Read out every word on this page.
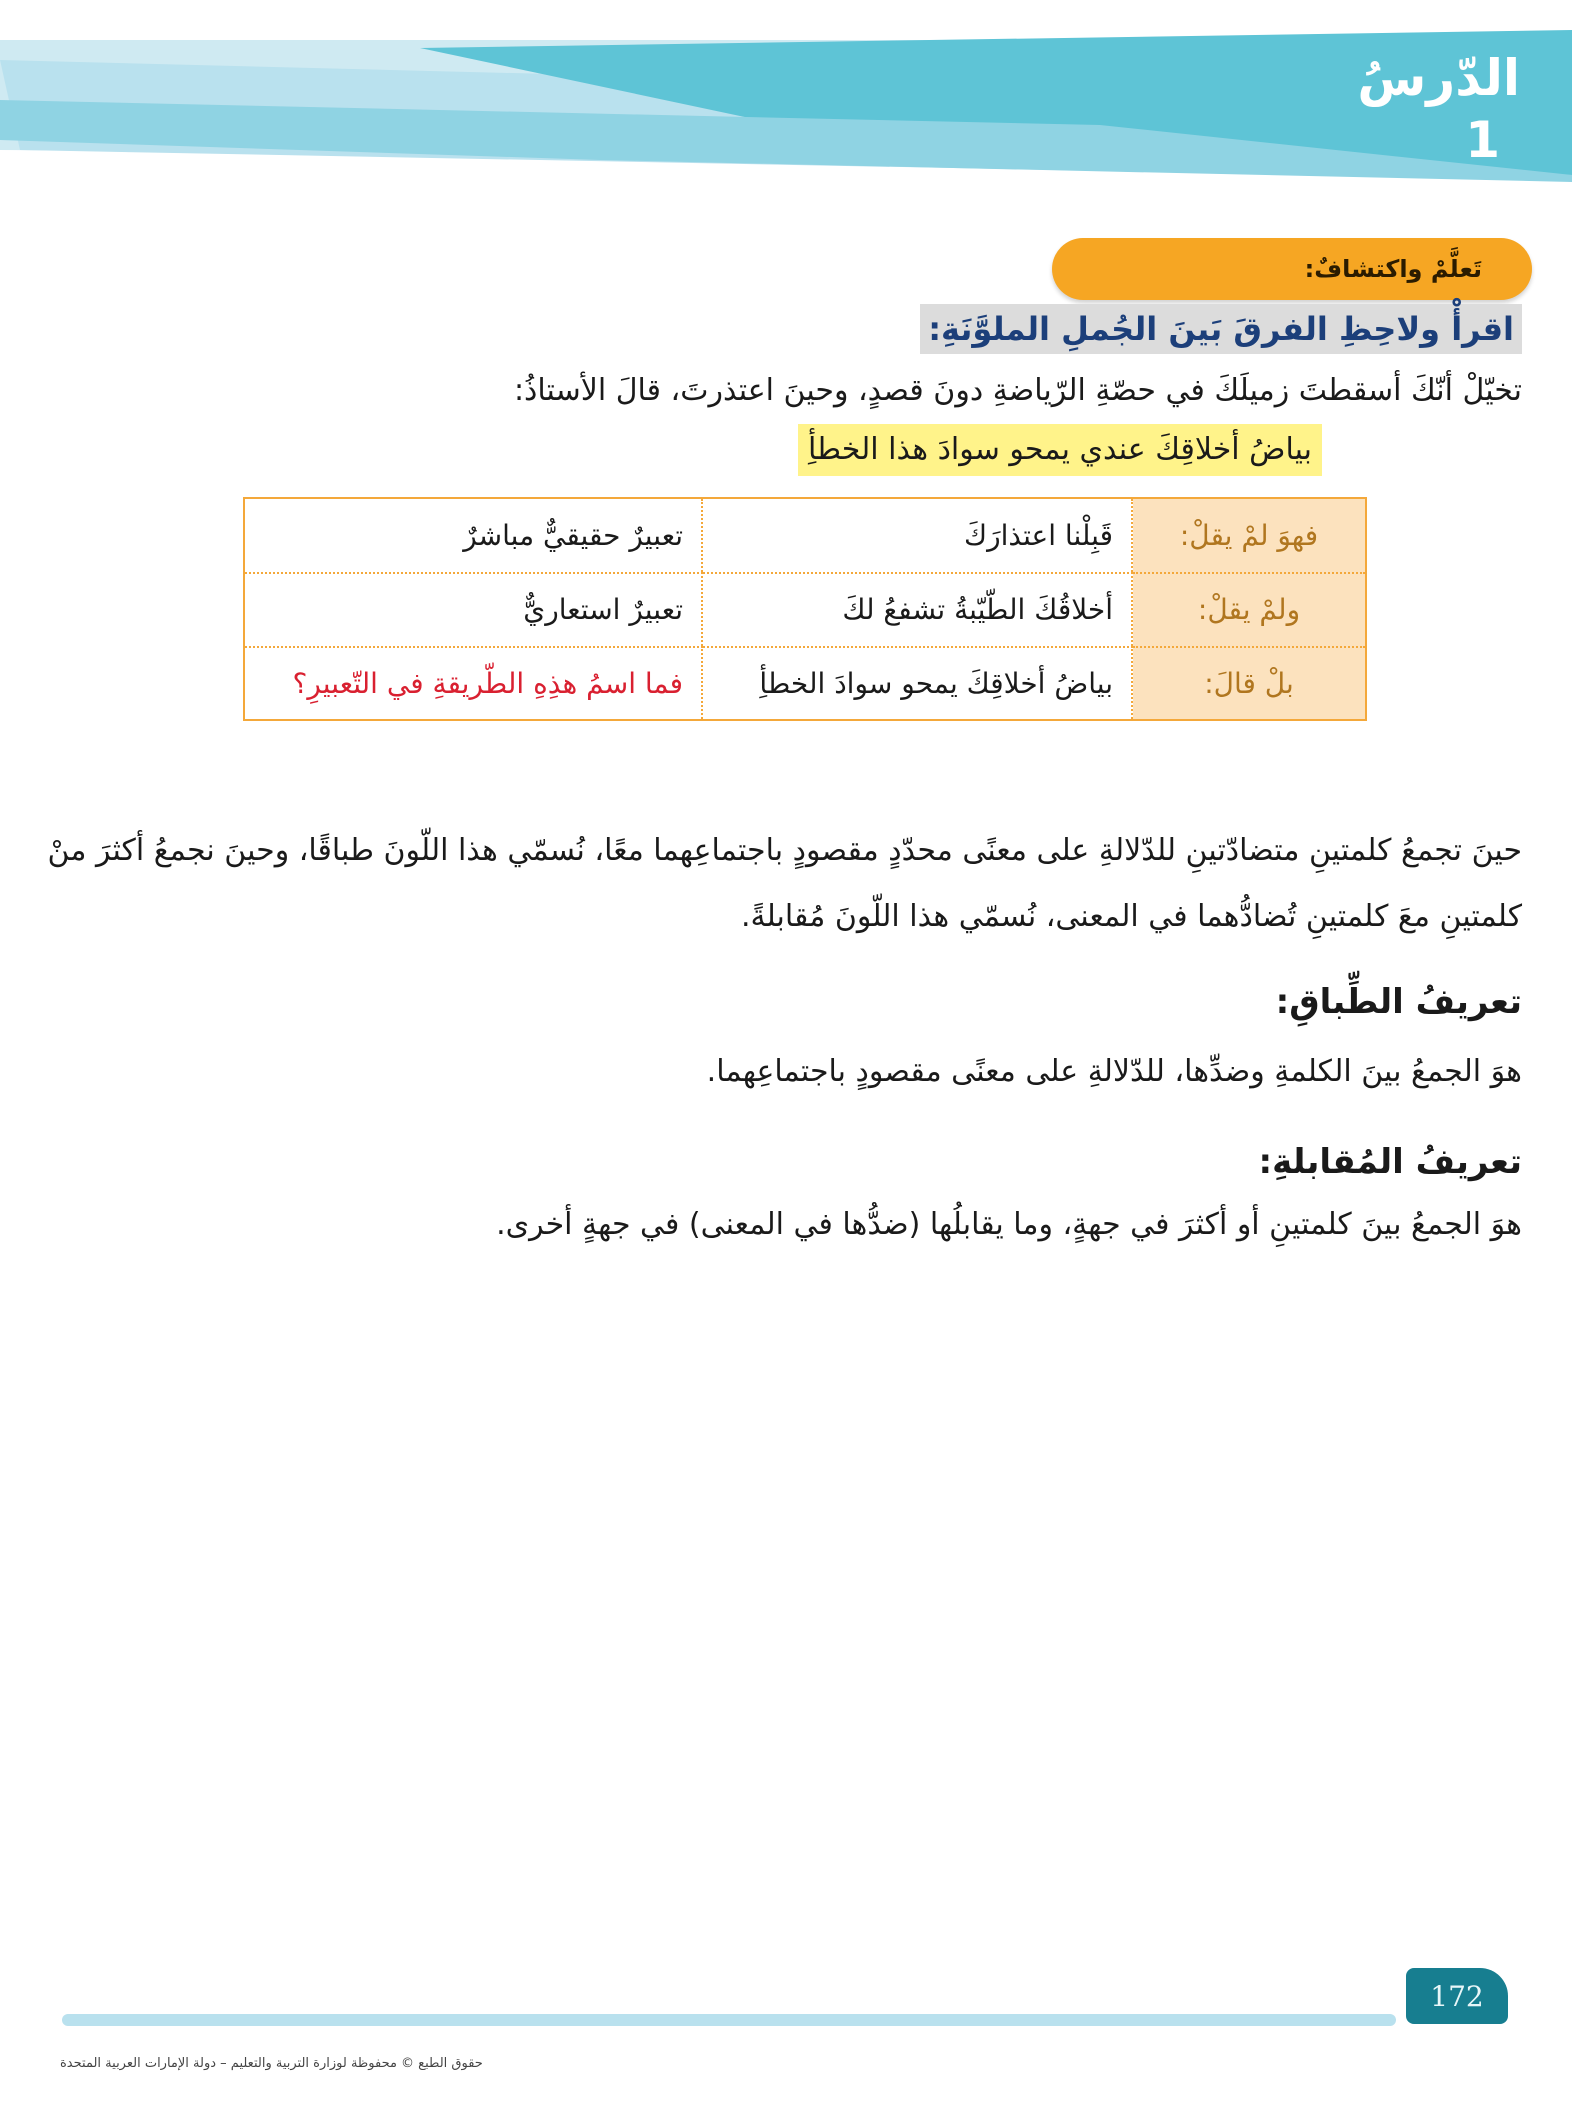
الدّرسُ
1
تَعلَّمْ واكتشافٌ:
اقرأْ ولاحِظِ الفرقَ بَينَ الجُملِ الملوَّنَةِ:
تخيّلْ أنّكَ أسقطتَ زميلَكَ في حصّةِ الرّياضةِ دونَ قصدٍ، وحينَ اعتذرتَ، قالَ الأستاذُ:
بياضُ أخلاقِكَ عندي يمحو سوادَ هذا الخطأِ
فهوَ لمْ يقلْ:
قَبِلْنا اعتذارَكَ
تعبيرٌ حقيقيٌّ مباشرٌ
ولمْ يقلْ:
أخلاقُكَ الطّيّبةُ تشفعُ لكَ
تعبيرٌ استعاريٌّ
بلْ قالَ:
بياضُ أخلاقِكَ يمحو سوادَ الخطأِ
فما اسمُ هذِهِ الطّريقةِ في التّعبيرِ؟
حينَ تجمعُ كلمتينِ متضادّتينِ للدّلالةِ على معنًى محدّدٍ مقصودٍ باجتماعِهما معًا، نُسمّي هذا اللّونَ طباقًا، وحينَ نجمعُ أكثرَ منْ كلمتينِ معَ كلمتينِ تُضادُّهما في المعنى، نُسمّي هذا اللّونَ مُقابلةً.
تعريفُ الطِّباقِ:
هوَ الجمعُ بينَ الكلمةِ وضدِّها، للدّلالةِ على معنًى مقصودٍ باجتماعِهما.
تعريفُ المُقابلةِ:
هوَ الجمعُ بينَ كلمتينِ أو أكثرَ في جهةٍ، وما يقابلُها (ضدُّها في المعنى) في جهةٍ أخرى.
172
حقوق الطبع © محفوظة لوزارة التربية والتعليم – دولة الإمارات العربية المتحدة
